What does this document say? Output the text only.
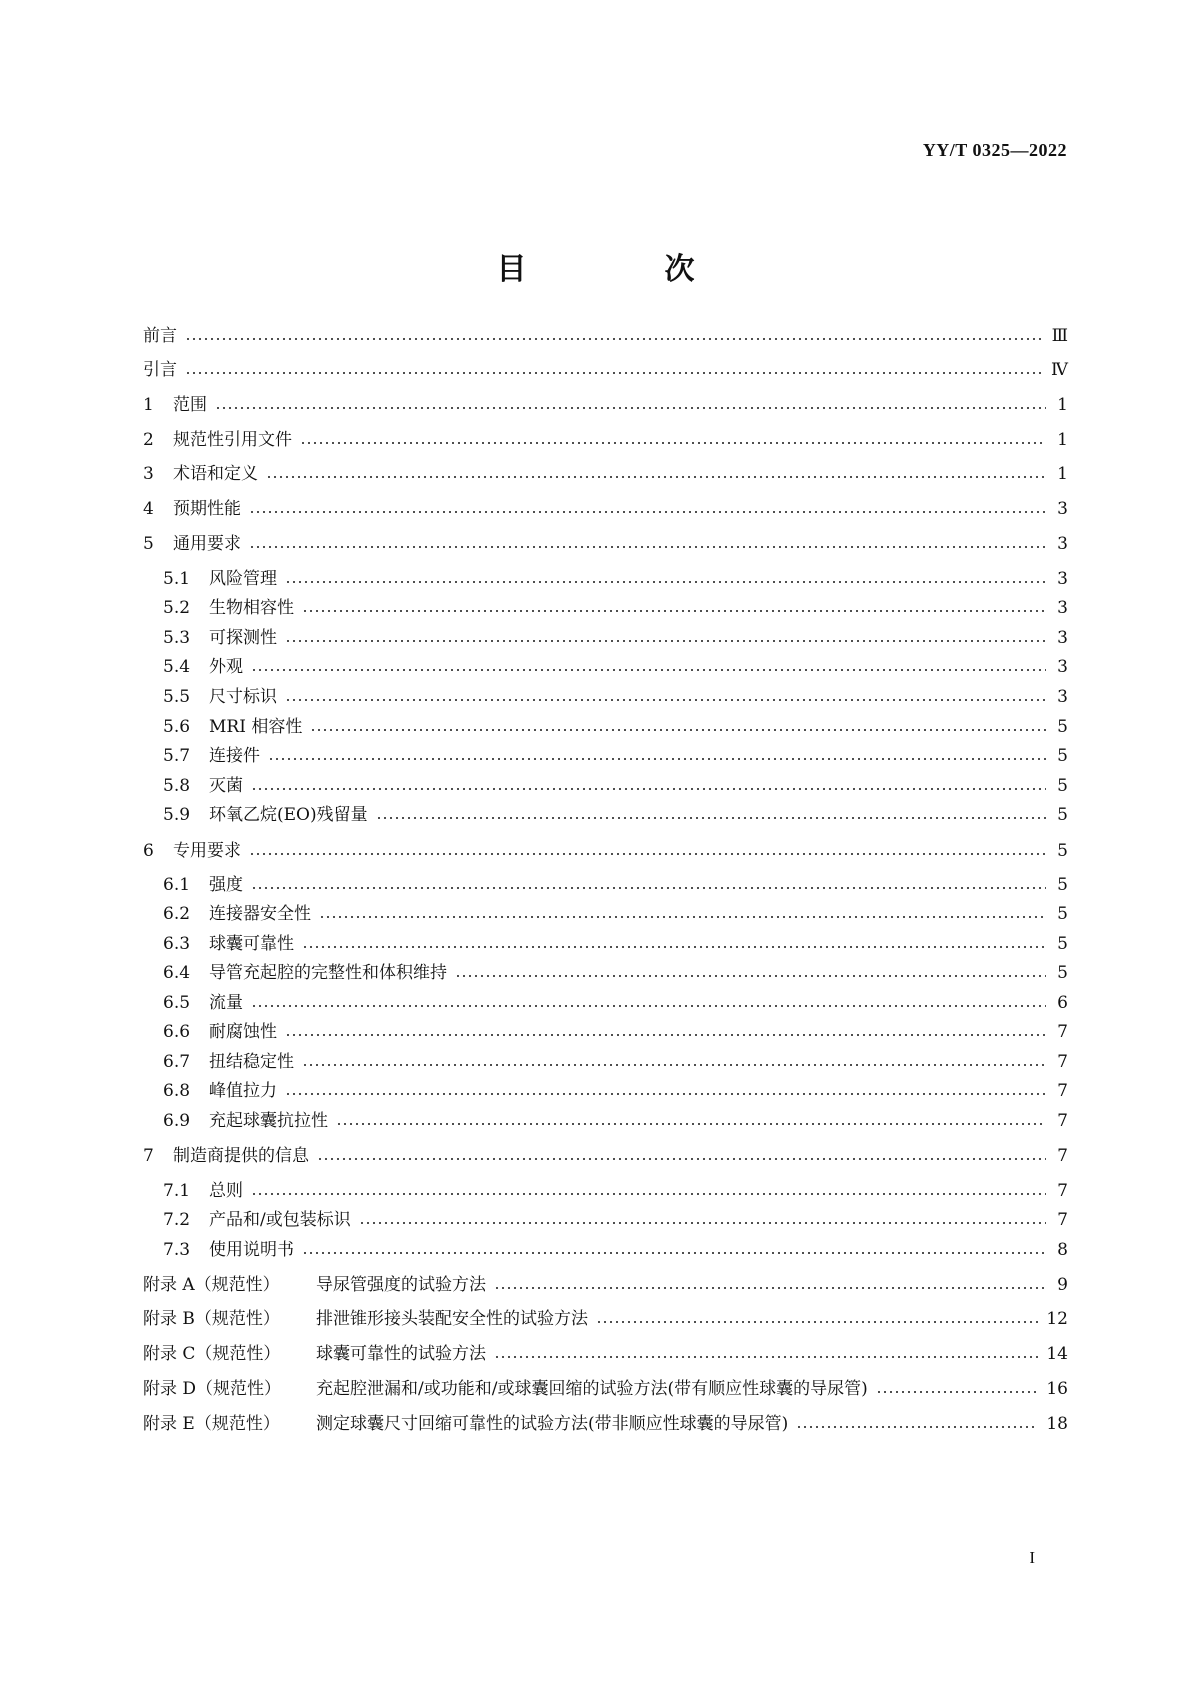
YY/T 0325—2022
目　次
前言	Ⅲ
引言	Ⅳ
1	范围	1
2	规范性引用文件	1
3	术语和定义	1
4	预期性能	3
5	通用要求	3
5.1	风险管理	3
5.2	生物相容性	3
5.3	可探测性	3
5.4	外观	3
5.5	尺寸标识	3
5.6	MRI 相容性	5
5.7	连接件	5
5.8	灭菌	5
5.9	环氧乙烷(EO)残留量	5
6	专用要求	5
6.1	强度	5
6.2	连接器安全性	5
6.3	球囊可靠性	5
6.4	导管充起腔的完整性和体积维持	5
6.5	流量	6
6.6	耐腐蚀性	7
6.7	扭结稳定性	7
6.8	峰值拉力	7
6.9	充起球囊抗拉性	7
7	制造商提供的信息	7
7.1	总则	7
7.2	产品和/或包装标识	7
7.3	使用说明书	8
附录 A（规范性）	导尿管强度的试验方法	9
附录 B（规范性）	排泄锥形接头装配安全性的试验方法	12
附录 C（规范性）	球囊可靠性的试验方法	14
附录 D（规范性）	充起腔泄漏和/或功能和/或球囊回缩的试验方法(带有顺应性球囊的导尿管)	16
附录 E（规范性）	测定球囊尺寸回缩可靠性的试验方法(带非顺应性球囊的导尿管)	18
I
